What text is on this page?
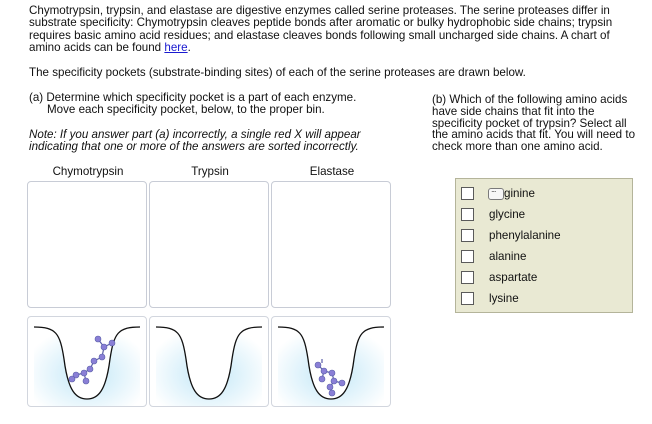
Chymotrypsin, trypsin, and elastase are digestive enzymes called serine proteases. The serine proteases differ in substrate specificity: Chymotrypsin cleaves peptide bonds after aromatic or bulky hydrophobic side chains; trypsin requires basic amino acid residues; and elastase cleaves bonds following small uncharged side chains. A chart of amino acids can be found here.
The specificity pockets (substrate-binding sites) of each of the serine proteases are drawn below.
(a) Determine which specificity pocket is a part of each enzyme.
Move each specificity pocket, below, to the proper bin.
Note: If you answer part (a) incorrectly, a single red X will appear indicating that one or more of the answers are sorted incorrectly.
(b) Which of the following amino acids have side chains that fit into the specificity pocket of trypsin? Select all the amino acids that fit. You will need to check more than one amino acid.
Chymotrypsin	Trypsin	Elastase
...ginine
glycine
phenylalanine
alanine
aspartate
lysine
